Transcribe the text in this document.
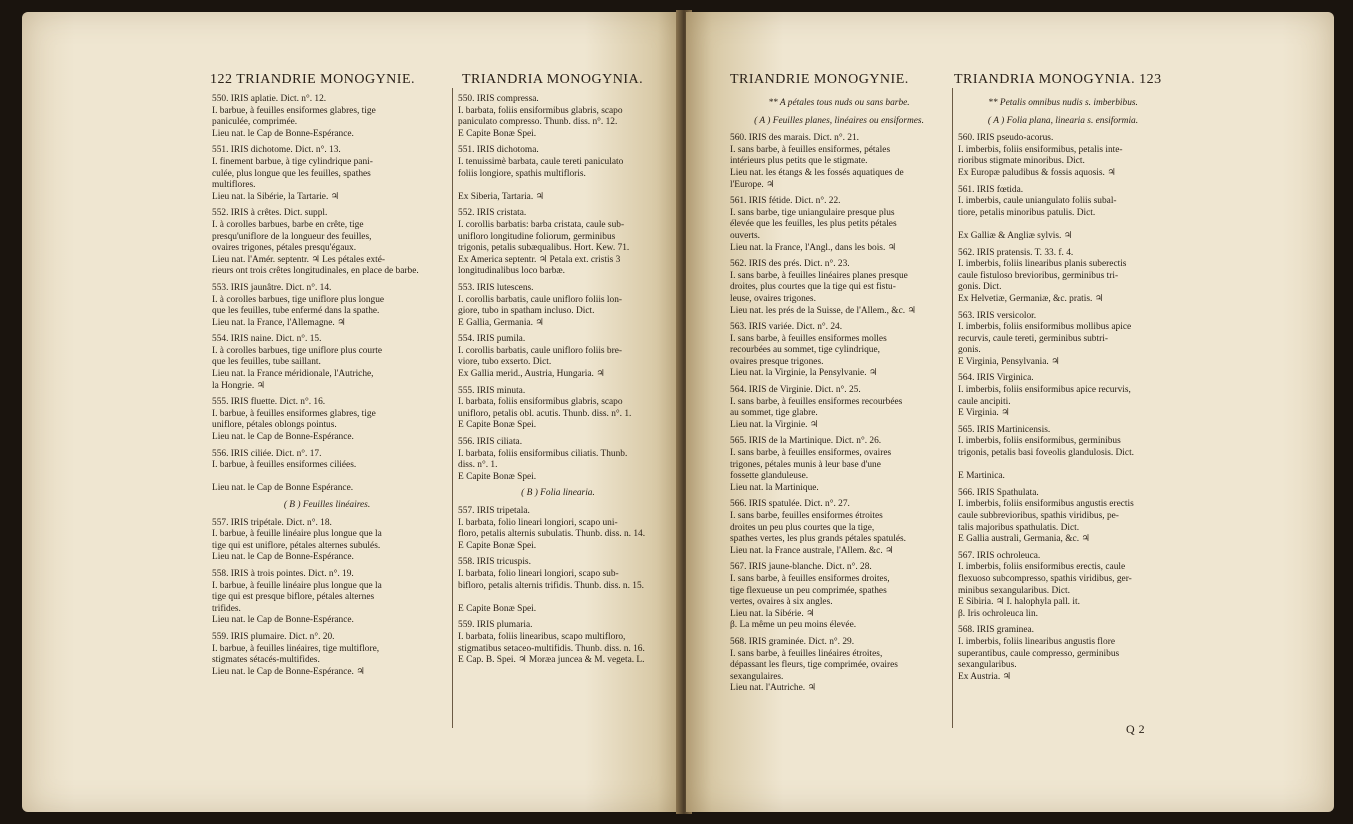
122 TRIANDRIE MONOGYNIE.	TRIANDRIA MONOGYNIA.
550. IRIS aplatie. Dict. n°. 12.
I. barbue, à feuilles ensiformes glabres, tige
paniculée, comprimée.
Lieu nat. le Cap de Bonne-Espérance.
551. IRIS dichotome. Dict. n°. 13.
I. finement barbue, à tige cylindrique pani-
culée, plus longue que les feuilles, spathes
multiflores.
Lieu nat. la Sibérie, la Tartarie. ♃
552. IRIS à crêtes. Dict. suppl.
I. à corolles barbues, barbe en crête, tige
presqu'uniflore de la longueur des feuilles,
ovaires trigones, pétales presqu'égaux.
Lieu nat. l'Amér. septentr. ♃ Les pétales exté-
rieurs ont trois crêtes longitudinales, en place de barbe.
553. IRIS jaunâtre. Dict. n°. 14.
I. à corolles barbues, tige uniflore plus longue
que les feuilles, tube enfermé dans la spathe.
Lieu nat. la France, l'Allemagne. ♃
554. IRIS naine. Dict. n°. 15.
I. à corolles barbues, tige uniflore plus courte
que les feuilles, tube saillant.
Lieu nat. la France méridionale, l'Autriche,
la Hongrie. ♃
555. IRIS fluette. Dict. n°. 16.
I. barbue, à feuilles ensiformes glabres, tige
uniflore, pétales oblongs pointus.
Lieu nat. le Cap de Bonne-Espérance.
556. IRIS ciliée. Dict. n°. 17.
I. barbue, à feuilles ensiformes ciliées.

Lieu nat. le Cap de Bonne Espérance.
( B ) Feuilles linéaires.
557. IRIS tripétale. Dict. n°. 18.
I. barbue, à feuille linéaire plus longue que la
tige qui est uniflore, pétales alternes subulés.
Lieu nat. le Cap de Bonne-Espérance.
558. IRIS à trois pointes. Dict. n°. 19.
I. barbue, à feuille linéaire plus longue que la
tige qui est presque biflore, pétales alternes
trifides.
Lieu nat. le Cap de Bonne-Espérance.
559. IRIS plumaire. Dict. n°. 20.
I. barbue, à feuilles linéaires, tige multiflore,
stigmates sétacés-multifides.
Lieu nat. le Cap de Bonne-Espérance. ♃
550. IRIS compressa.
I. barbata, foliis ensiformibus glabris, scapo
paniculato compresso. Thunb. diss. n°. 12.
E Capite Bonæ Spei.
551. IRIS dichotoma.
I. tenuissimè barbata, caule tereti paniculato
foliis longiore, spathis multifloris.

Ex Siberia, Tartaria. ♃
552. IRIS cristata.
I. corollis barbatis: barba cristata, caule sub-
unifloro longitudine foliorum, germinibus
trigonis, petalis subæqualibus. Hort. Kew. 71.
Ex America septentr. ♃ Petala ext. cristis 3
longitudinalibus loco barbæ.
553. IRIS lutescens.
I. corollis barbatis, caule unifloro foliis lon-
giore, tubo in spatham incluso. Dict.
E Gallia, Germania. ♃
554. IRIS pumila.
I. corollis barbatis, caule unifloro foliis bre-
viore, tubo exserto. Dict.
Ex Gallia merid., Austria, Hungaria. ♃
555. IRIS minuta.
I. barbata, foliis ensiformibus glabris, scapo
unifloro, petalis obl. acutis. Thunb. diss. n°. 1.
E Capite Bonæ Spei.
556. IRIS ciliata.
I. barbata, foliis ensiformibus ciliatis. Thunb.
diss. n°. 1.
E Capite Bonæ Spei.
( B ) Folia linearia.
557. IRIS tripetala.
I. barbata, folio lineari longiori, scapo uni-
floro, petalis alternis subulatis. Thunb. diss. n. 14.
E Capite Bonæ Spei.
558. IRIS tricuspis.
I. barbata, folio lineari longiori, scapo sub-
bifloro, petalis alternis trifidis. Thunb. diss. n. 15.

E Capite Bonæ Spei.
559. IRIS plumaria.
I. barbata, foliis linearibus, scapo multifloro,
stigmatibus setaceo-multifidis. Thunb. diss. n. 16.
E Cap. B. Spei. ♃ Moræa juncea & M. vegeta. L.
TRIANDRIE MONOGYNIE.	TRIANDRIA MONOGYNIA. 123
** A pétales tous nuds ou sans barbe.
( A ) Feuilles planes, linéaires ou ensiformes.
560. IRIS des marais. Dict. n°. 21.
I. sans barbe, à feuilles ensiformes, pétales
intérieurs plus petits que le stigmate.
Lieu nat. les étangs & les fossés aquatiques de
l'Europe. ♃
561. IRIS fétide. Dict. n°. 22.
I. sans barbe, tige uniangulaire presque plus
élevée que les feuilles, les plus petits pétales
ouverts.
Lieu nat. la France, l'Angl., dans les bois. ♃
562. IRIS des prés. Dict. n°. 23.
I. sans barbe, à feuilles linéaires planes presque
droites, plus courtes que la tige qui est fistu-
leuse, ovaires trigones.
Lieu nat. les prés de la Suisse, de l'Allem., &c. ♃
563. IRIS variée. Dict. n°. 24.
I. sans barbe, à feuilles ensiformes molles
recourbées au sommet, tige cylindrique,
ovaires presque trigones.
Lieu nat. la Virginie, la Pensylvanie. ♃
564. IRIS de Virginie. Dict. n°. 25.
I. sans barbe, à feuilles ensiformes recourbées
au sommet, tige glabre.
Lieu nat. la Virginie. ♃
565. IRIS de la Martinique. Dict. n°. 26.
I. sans barbe, à feuilles ensiformes, ovaires
trigones, pétales munis à leur base d'une
fossette glanduleuse.
Lieu nat. la Martinique.
566. IRIS spatulée. Dict. n°. 27.
I. sans barbe, feuilles ensiformes étroites
droites un peu plus courtes que la tige,
spathes vertes, les plus grands pétales spatulés.
Lieu nat. la France australe, l'Allem. &c. ♃
567. IRIS jaune-blanche. Dict. n°. 28.
I. sans barbe, à feuilles ensiformes droites,
tige flexueuse un peu comprimée, spathes
vertes, ovaires à six angles.
Lieu nat. la Sibérie. ♃
β. La même un peu moins élevée.
568. IRIS graminée. Dict. n°. 29.
I. sans barbe, à feuilles linéaires étroites,
dépassant les fleurs, tige comprimée, ovaires
sexangulaires.
Lieu nat. l'Autriche. ♃
** Petalis omnibus nudis s. imberbibus.
( A ) Folia plana, linearia s. ensiformia.
560. IRIS pseudo-acorus.
I. imberbis, foliis ensiformibus, petalis inte-
rioribus stigmate minoribus. Dict.
Ex Europæ paludibus & fossis aquosis. ♃
561. IRIS fœtida.
I. imberbis, caule uniangulato foliis subal-
tiore, petalis minoribus patulis. Dict.

Ex Galliæ & Angliæ sylvis. ♃
562. IRIS pratensis. T. 33. f. 4.
I. imberbis, foliis linearibus planis suberectis
caule fistuloso brevioribus, germinibus tri-
gonis. Dict.
Ex Helvetiæ, Germaniæ, &c. pratis. ♃
563. IRIS versicolor.
I. imberbis, foliis ensiformibus mollibus apice
recurvis, caule tereti, germinibus subtri-
gonis.
E Virginia, Pensylvania. ♃
564. IRIS Virginica.
I. imberbis, foliis ensiformibus apice recurvis,
caule ancipiti.
E Virginia. ♃
565. IRIS Martinicensis.
I. imberbis, foliis ensiformibus, germinibus
trigonis, petalis basi foveolis glandulosis. Dict.

E Martinica.
566. IRIS Spathulata.
I. imberbis, foliis ensiformibus angustis erectis
caule subbrevioribus, spathis viridibus, pe-
talis majoribus spathulatis. Dict.
E Gallia australi, Germania, &c. ♃
567. IRIS ochroleuca.
I. imberbis, foliis ensiformibus erectis, caule
flexuoso subcompresso, spathis viridibus, ger-
minibus sexangularibus. Dict.
E Sibiria. ♃ I. halophyla pall. it.
β. Iris ochroleuca lin.
568. IRIS graminea.
I. imberbis, foliis linearibus angustis flore
superantibus, caule compresso, germinibus
sexangularibus.
Ex Austria. ♃
Q 2
